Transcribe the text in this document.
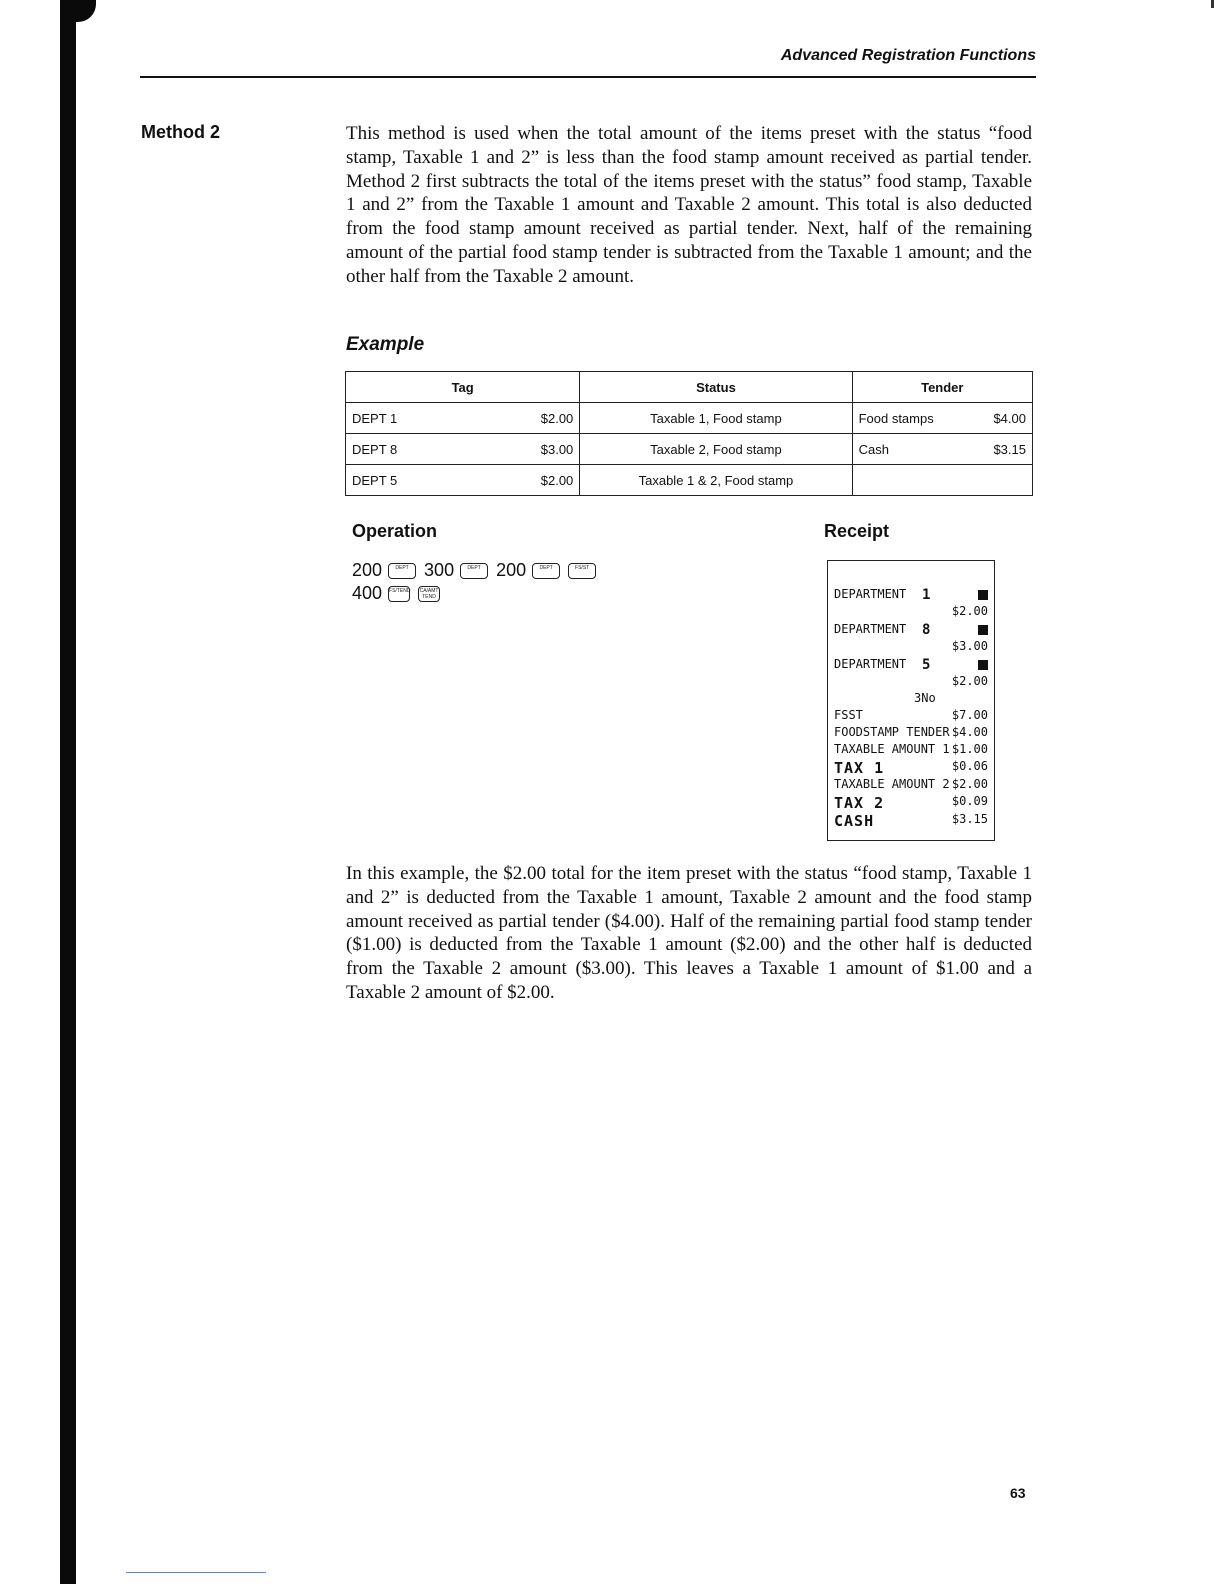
Advanced Registration Functions
Method 2	This method is used when the total amount of the items preset with the status “food stamp, Taxable 1 and 2” is less than the food stamp amount received as partial tender. Method 2 first subtracts the total of the items preset with the status” food stamp, Taxable 1 and 2” from the Taxable 1 amount and Taxable 2 amount. This total is also deducted from the food stamp amount received as partial tender. Next, half of the remaining amount of the partial food stamp tender is subtracted from the Taxable 1 amount; and the other half from the Taxable 2 amount.

Example
Tag		Status	Tender	
DEPT 1	$2.00	Taxable 1, Food stamp	Food stamps	$4.00
DEPT 8	$3.00	Taxable 2, Food stamp	Cash	$3.15
DEPT 5	$2.00	Taxable 1 & 2, Food stamp		
Operation	Receipt
200	DEPT 300	DEPT 200	DEPT	FS/ST
400 FS/TEND CA/AMT TEND	DEPARTMENT 1
$2.00
DEPARTMENT 8
$3.00
DEPARTMENT 5
$2.00
3No
FSST	$7.00
FOODSTAMP TENDER $4.00
TAXABLE AMOUNT 1 $1.00
TAX 1	$0.06
TAXABLE AMOUNT 2 $2.00
TAX 2	$0.09
CASH	$3.15

In this example, the $2.00 total for the item preset with the status “food stamp, Taxable 1 and 2” is deducted from the Taxable 1 amount, Taxable 2 amount and the food stamp amount received as partial tender ($4.00). Half of the remaining partial food stamp tender ($1.00) is deducted from the Taxable 1 amount ($2.00) and the other half is deducted from the Taxable 2 amount ($3.00). This leaves a Taxable 1 amount of $1.00 and a Taxable 2 amount of $2.00.

63
